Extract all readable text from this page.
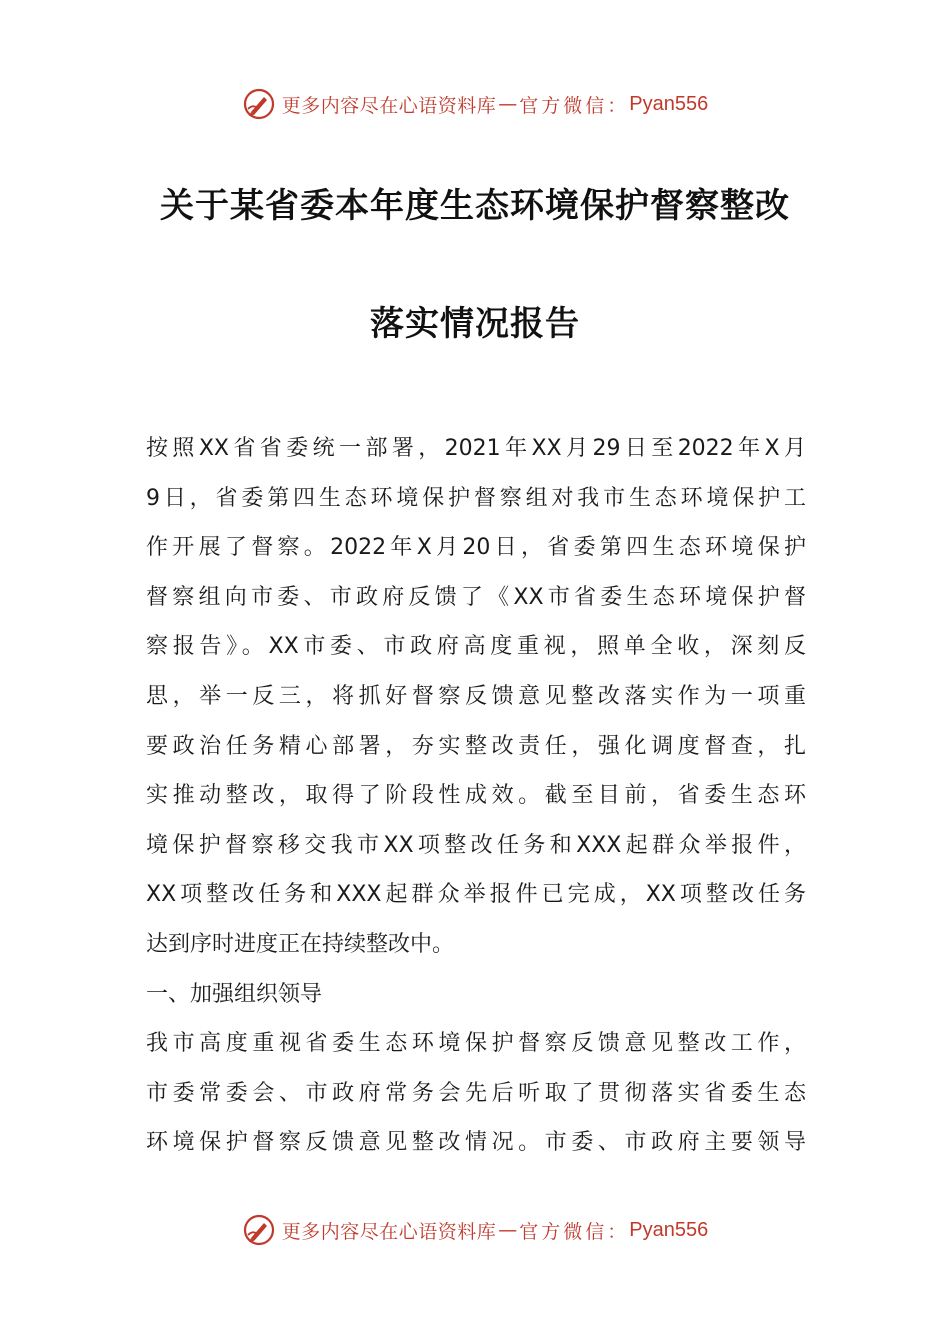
更多内容尽在心语资料库 — 官方微信： Pyan556
关于某省委本年度生态环境保护督察整改
落实情况报告
按照XX省省委统一部署，2021年XX月29日至2022年X月
9日，省委第四生态环境保护督察组对我市生态环境保护工
作开展了督察。2022年X月20日，省委第四生态环境保护
督察组向市委、市政府反馈了《XX市省委生态环境保护督
察报告》。XX市委、市政府高度重视，照单全收，深刻反
思，举一反三，将抓好督察反馈意见整改落实作为一项重
要政治任务精心部署，夯实整改责任，强化调度督查，扎
实推动整改，取得了阶段性成效。截至目前，省委生态环
境保护督察移交我市XX项整改任务和XXX起群众举报件，
XX项整改任务和XXX起群众举报件已完成，XX项整改任务
达到序时进度正在持续整改中。
一、加强组织领导
我市高度重视省委生态环境保护督察反馈意见整改工作，
市委常委会、市政府常务会先后听取了贯彻落实省委生态
环境保护督察反馈意见整改情况。市委、市政府主要领导
更多内容尽在心语资料库 — 官方微信： Pyan556
